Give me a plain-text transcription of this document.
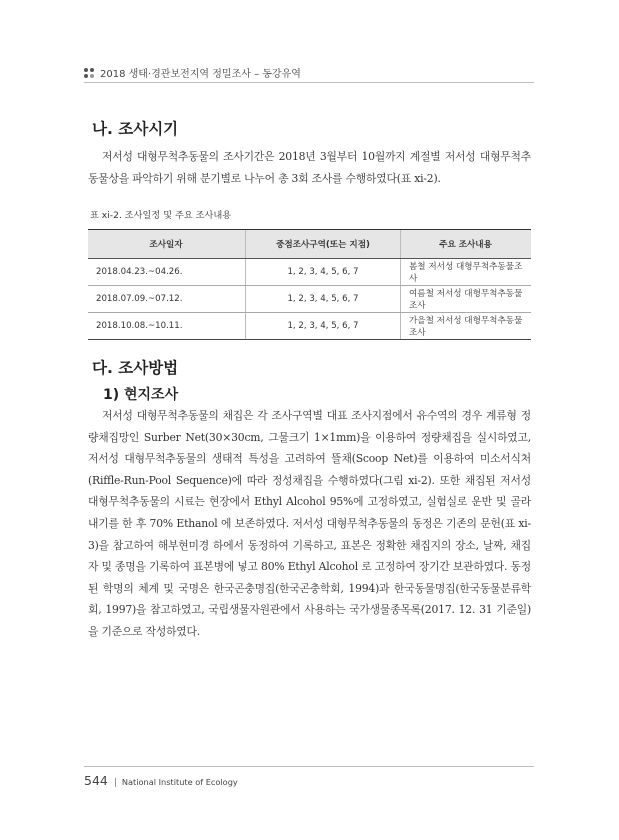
2018 생태·경관보전지역 정밀조사 – 동강유역
나. 조사시기

저서성 대형무척추동물의 조사기간은 2018년 3월부터 10월까지 계절별 저서성 대형무척추동물상을 파악하기 위해 분기별로 나누어 총 3회 조사를 수행하였다(표 xi-2).

표 xi-2. 조사일정 및 주요 조사내용

조사일자	중점조사구역(또는 지점)	주요 조사내용
2018.04.23.~04.26.	1, 2, 3, 4, 5, 6, 7	봄철 저서성 대형무척추동물조사
2018.07.09.~07.12.	1, 2, 3, 4, 5, 6, 7	여름철 저서성 대형무척추동물조사
2018.10.08.~10.11.	1, 2, 3, 4, 5, 6, 7	가을철 저서성 대형무척추동물조사
다. 조사방법
1) 현지조사

저서성 대형무척추동물의 채집은 각 조사구역별 대표 조사지점에서 유수역의 경우 계류형 정량채집망인 Surber Net(30×30cm, 그물크기 1×1mm)을 이용하여 정량채집을 실시하였고, 저서성 대형무척추동물의 생태적 특성을 고려하여 뜰채(Scoop Net)를 이용하여 미소서식처(Riffle-Run-Pool Sequence)에 따라 정성채집을 수행하였다(그림 xi-2). 또한 채집된 저서성 대형무척추동물의 시료는 현장에서 Ethyl Alcohol 95%에 고정하였고, 실험실로 운반 및 골라내기를 한 후 70% Ethanol 에 보존하였다. 저서성 대형무척추동물의 동정은 기존의 문헌(표 xi-3)을 참고하여 해부현미경 하에서 동정하여 기록하고, 표본은 정확한 채집지의 장소, 날짜, 채집자 및 종명을 기록하여 표본병에 넣고 80% Ethyl Alcohol 로 고정하여 장기간 보관하였다. 동정된 학명의 체계 및 국명은 한국곤충명집(한국곤충학회, 1994)과 한국동물명집(한국동물분류학회, 1997)을 참고하였고, 국립생물자원관에서 사용하는 국가생물종목록(2017. 12. 31 기준일)을 기준으로 작성하였다.

544 | National Institute of Ecology
